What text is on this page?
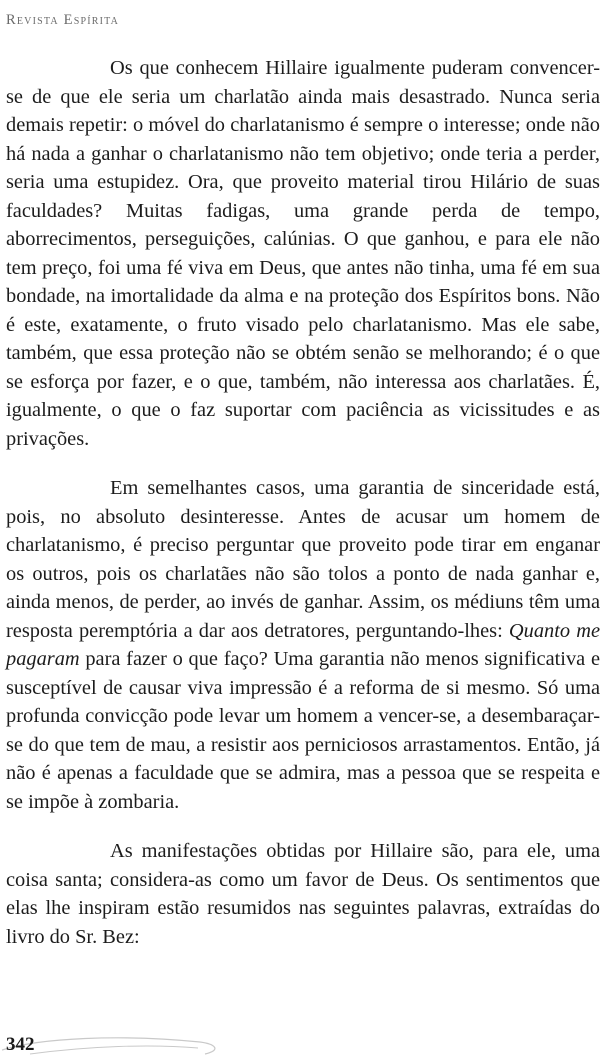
Revista Espírita

Os que conhecem Hillaire igualmente puderam convencer-se de que ele seria um charlatão ainda mais desastrado. Nunca seria demais repetir: o móvel do charlatanismo é sempre o interesse; onde não há nada a ganhar o charlatanismo não tem objetivo; onde teria a perder, seria uma estupidez. Ora, que proveito material tirou Hilário de suas faculdades? Muitas fadigas, uma grande perda de tempo, aborrecimentos, perseguições, calúnias. O que ganhou, e para ele não tem preço, foi uma fé viva em Deus, que antes não tinha, uma fé em sua bondade, na imortalidade da alma e na proteção dos Espíritos bons. Não é este, exatamente, o fruto visado pelo charlatanismo. Mas ele sabe, também, que essa proteção não se obtém senão se melhorando; é o que se esforça por fazer, e o que, também, não interessa aos charlatães. É, igualmente, o que o faz suportar com paciência as vicissitudes e as privações.

Em semelhantes casos, uma garantia de sinceridade está, pois, no absoluto desinteresse. Antes de acusar um homem de charlatanismo, é preciso perguntar que proveito pode tirar em enganar os outros, pois os charlatães não são tolos a ponto de nada ganhar e, ainda menos, de perder, ao invés de ganhar. Assim, os médiuns têm uma resposta peremptória a dar aos detratores, perguntando-lhes: Quanto me pagaram para fazer o que faço? Uma garantia não menos significativa e susceptível de causar viva impressão é a reforma de si mesmo. Só uma profunda convicção pode levar um homem a vencer-se, a desembaraçar-se do que tem de mau, a resistir aos perniciosos arrastamentos. Então, já não é apenas a faculdade que se admira, mas a pessoa que se respeita e se impõe à zombaria.

As manifestações obtidas por Hillaire são, para ele, uma coisa santa; considera-as como um favor de Deus. Os sentimentos que elas lhe inspiram estão resumidos nas seguintes palavras, extraídas do livro do Sr. Bez:

342
